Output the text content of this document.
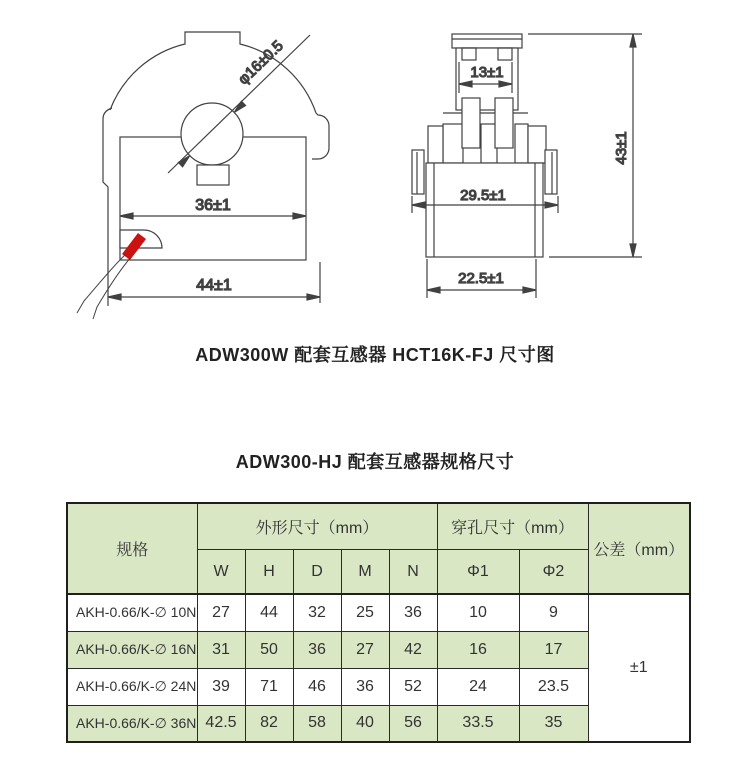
φ16±0.5
36±1
44±1
13±1
29.5±1
22.5±1
43±1
ADW300W 配套互感器 HCT16K-FJ 尺寸图
ADW300-HJ 配套互感器规格尺寸
规格	外形尺寸（mm）					穿孔尺寸（mm）		公差（mm）
	W	H	D	M	N	Φ1	Φ2	
AKH-0.66/K-∅ 10N	27	44	32	25	36	10	9	±1
AKH-0.66/K-∅ 16N	31	50	36	27	42	16	17	
AKH-0.66/K-∅ 24N	39	71	46	36	52	24	23.5	
AKH-0.66/K-∅ 36N	42.5	82	58	40	56	33.5	35	
